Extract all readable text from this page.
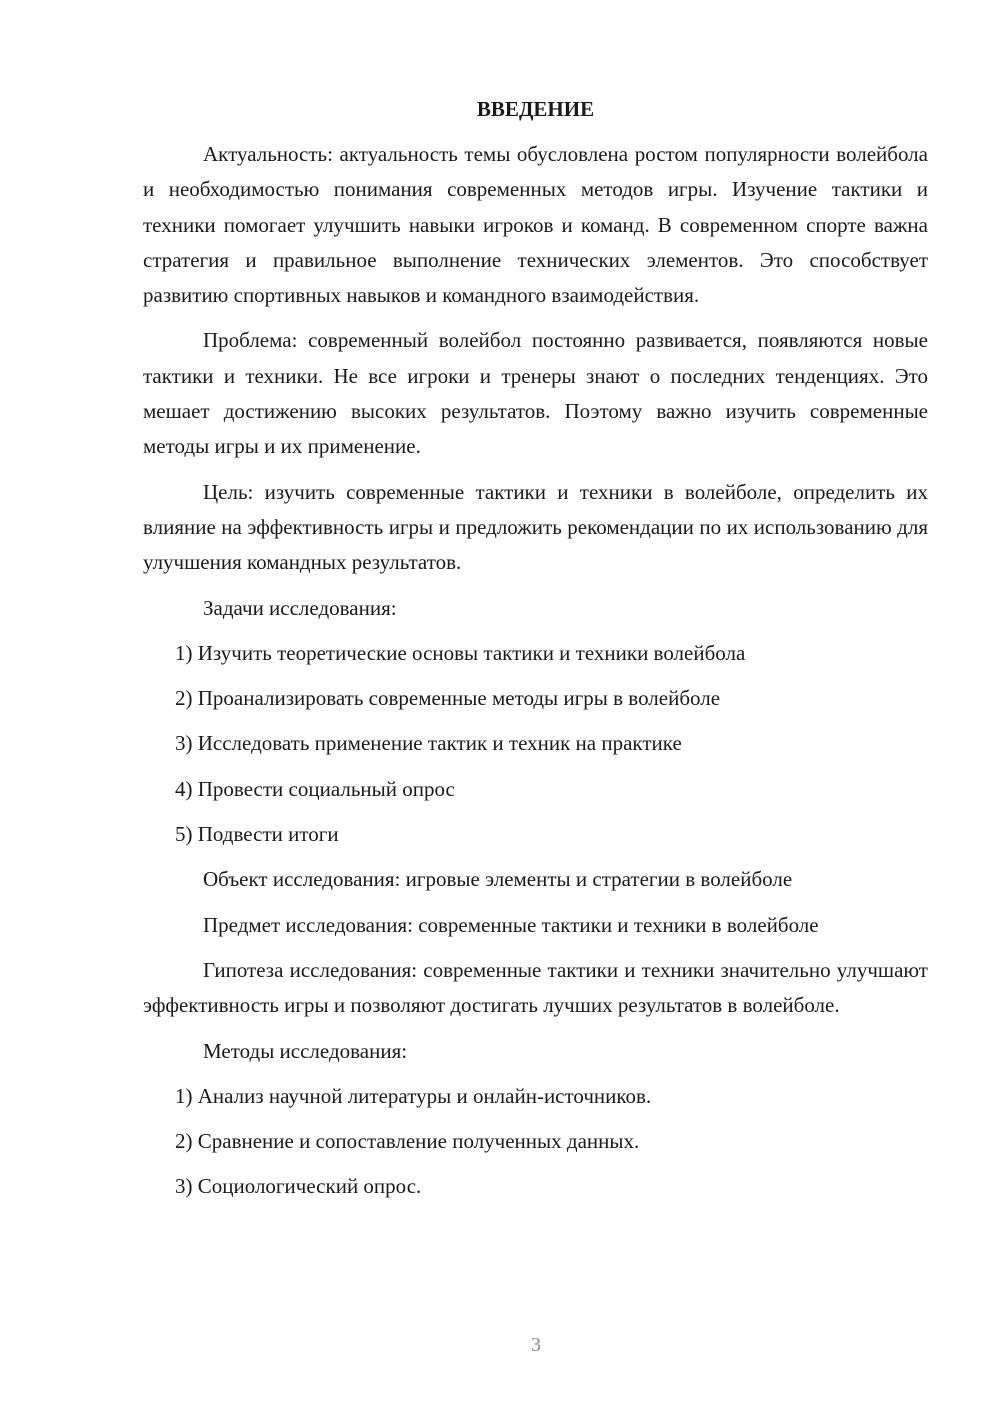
ВВЕДЕНИЕ
Актуальность: актуальность темы обусловлена ростом популярности волейбола и необходимостью понимания современных методов игры. Изучение тактики и техники помогает улучшить навыки игроков и команд. В современном спорте важна стратегия и правильное выполнение технических элементов. Это способствует развитию спортивных навыков и командного взаимодействия.
Проблема: современный волейбол постоянно развивается, появляются новые тактики и техники. Не все игроки и тренеры знают о последних тенденциях. Это мешает достижению высоких результатов. Поэтому важно изучить современные методы игры и их применение.
Цель: изучить современные тактики и техники в волейболе, определить их влияние на эффективность игры и предложить рекомендации по их использованию для улучшения командных результатов.
Задачи исследования:
1) Изучить теоретические основы тактики и техники волейбола
2) Проанализировать современные методы игры в волейболе
3) Исследовать применение тактик и техник на практике
4) Провести социальный опрос
5) Подвести итоги
Объект исследования: игровые элементы и стратегии в волейболе
Предмет исследования: современные тактики и техники в волейболе
Гипотеза исследования: современные тактики и техники значительно улучшают эффективность игры и позволяют достигать лучших результатов в волейболе.
Методы исследования:
1) Анализ научной литературы и онлайн-источников.
2) Сравнение и сопоставление полученных данных.
3) Социологический опрос.
3
